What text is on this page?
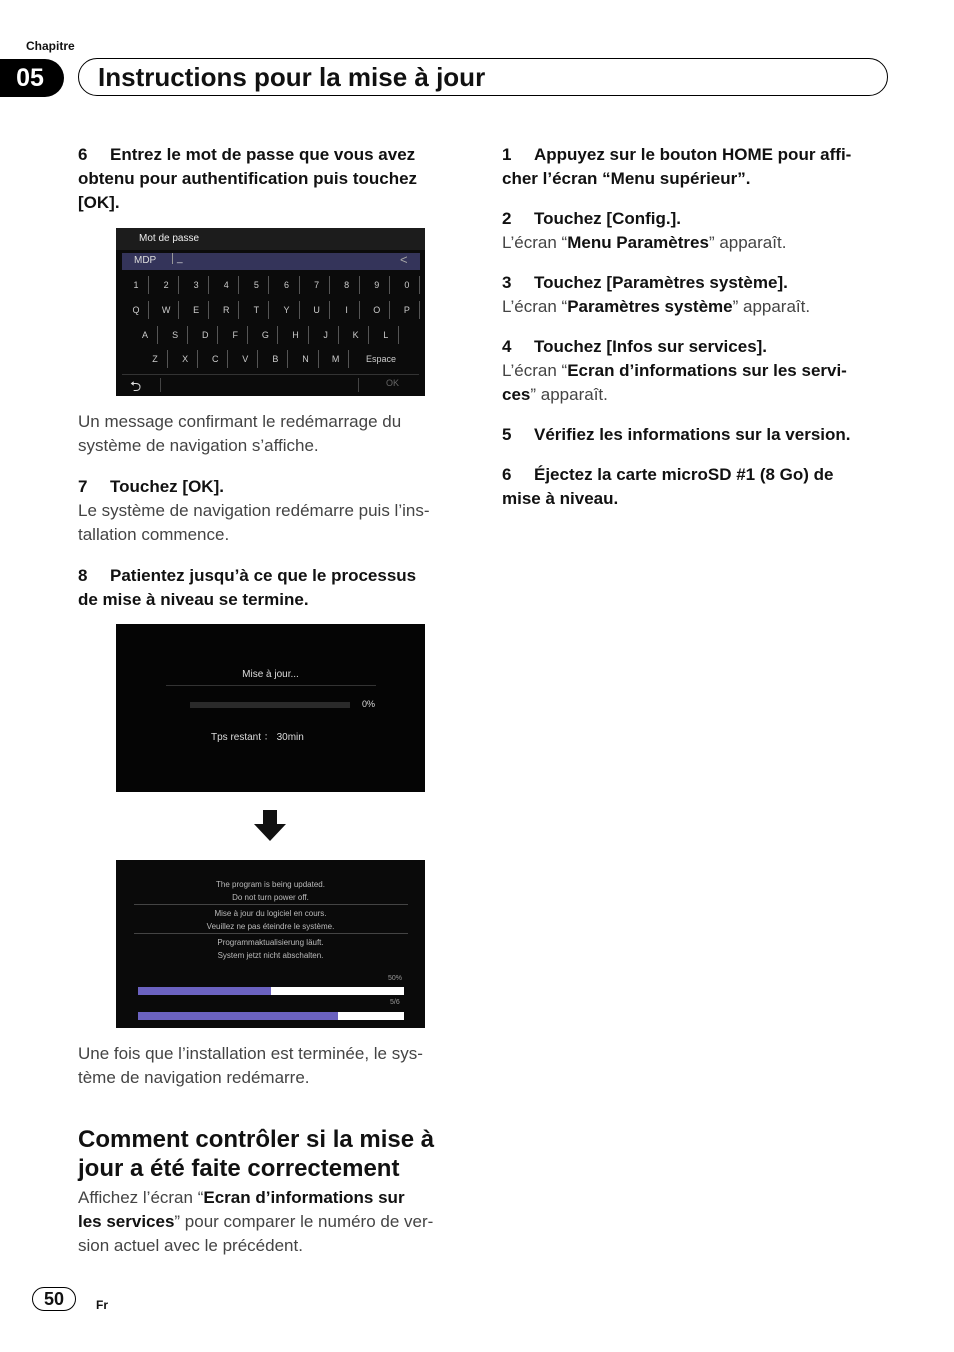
Chapitre
05	Instructions pour la mise à jour
6 Entrez le mot de passe que vous avez
obtenu pour authentification puis touchez
[OK].
Mot de passe
MDP	_	<
1	2	3	4	5	6	7	8	9	0
Q	W	E	R	T	Y	U	I	O	P
A	S	D	F	G	H	J	K	L
Z	X	C	V	B	N	M	Espace
⮌	OK
Un message confirmant le redémarrage du
système de navigation s’affiche.
7 Touchez [OK].
Le système de navigation redémarre puis l’ins-
tallation commence.
8 Patientez jusqu’à ce que le processus
de mise à niveau se termine.
Mise à jour...
0%
Tps restant ： 30min
The program is being updated.
Do not turn power off.
Mise à jour du logiciel en cours.
Veuillez ne pas éteindre le système.
Programmaktualisierung läuft.
System jetzt nicht abschalten.
50%
5/6
Une fois que l’installation est terminée, le sys-
tème de navigation redémarre.
Comment contrôler si la mise à
jour a été faite correctement
Affichez l’écran “Ecran d’informations sur
les services” pour comparer le numéro de ver-
sion actuel avec le précédent.
1 Appuyez sur le bouton HOME pour affi-
cher l’écran “Menu supérieur”.
2 Touchez [Config.].
L’écran “Menu Paramètres” apparaît.
3 Touchez [Paramètres système].
L’écran “Paramètres système” apparaît.
4 Touchez [Infos sur services].
L’écran “Ecran d’informations sur les servi-
ces” apparaît.
5 Vérifiez les informations sur la version.
6 Éjectez la carte microSD #1 (8 Go) de
mise à niveau.
50	Fr
